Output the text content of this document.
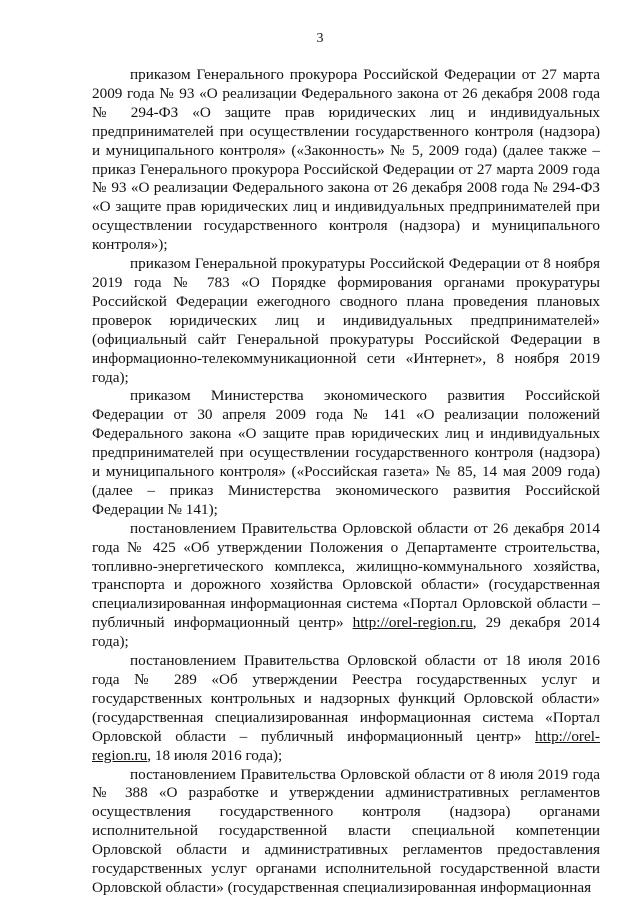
3

приказом Генерального прокурора Российской Федерации от 27 марта 2009 года № 93 «О реализации Федерального закона от 26 декабря 2008 года № 294-ФЗ «О защите прав юридических лиц и индивидуальных предпринимателей при осуществлении государственного контроля (надзора) и муниципального контроля» («Законность» № 5, 2009 года) (далее также – приказ Генерального прокурора Российской Федерации от 27 марта 2009 года № 93 «О реализации Федерального закона от 26 декабря 2008 года № 294-ФЗ «О защите прав юридических лиц и индивидуальных предпринимателей при осуществлении государственного контроля (надзора) и муниципального контроля»);

приказом Генеральной прокуратуры Российской Федерации от 8 ноября 2019 года № 783 «О Порядке формирования органами прокуратуры Российской Федерации ежегодного сводного плана проведения плановых проверок юридических лиц и индивидуальных предпринимателей» (официальный сайт Генеральной прокуратуры Российской Федерации в информационно-телекоммуникационной сети «Интернет», 8 ноября 2019 года);

приказом Министерства экономического развития Российской Федерации от 30 апреля 2009 года № 141 «О реализации положений Федерального закона «О защите прав юридических лиц и индивидуальных предпринимателей при осуществлении государственного контроля (надзора) и муниципального контроля» («Российская газета» № 85, 14 мая 2009 года) (далее – приказ Министерства экономического развития Российской Федерации № 141);

постановлением Правительства Орловской области от 26 декабря 2014 года № 425 «Об утверждении Положения о Департаменте строительства, топливно-энергетического комплекса, жилищно-коммунального хозяйства, транспорта и дорожного хозяйства Орловской области» (государственная специализированная информационная система «Портал Орловской области – публичный информационный центр» http://orel-region.ru, 29 декабря 2014 года);

постановлением Правительства Орловской области от 18 июля 2016 года № 289 «Об утверждении Реестра государственных услуг и государственных контрольных и надзорных функций Орловской области» (государственная специализированная информационная система «Портал Орловской области – публичный информационный центр» http://orel-region.ru, 18 июля 2016 года);

постановлением Правительства Орловской области от 8 июля 2019 года № 388 «О разработке и утверждении административных регламентов осуществления государственного контроля (надзора) органами исполнительной государственной власти специальной компетенции Орловской области и административных регламентов предоставления государственных услуг органами исполнительной государственной власти Орловской области» (государственная специализированная информационная
